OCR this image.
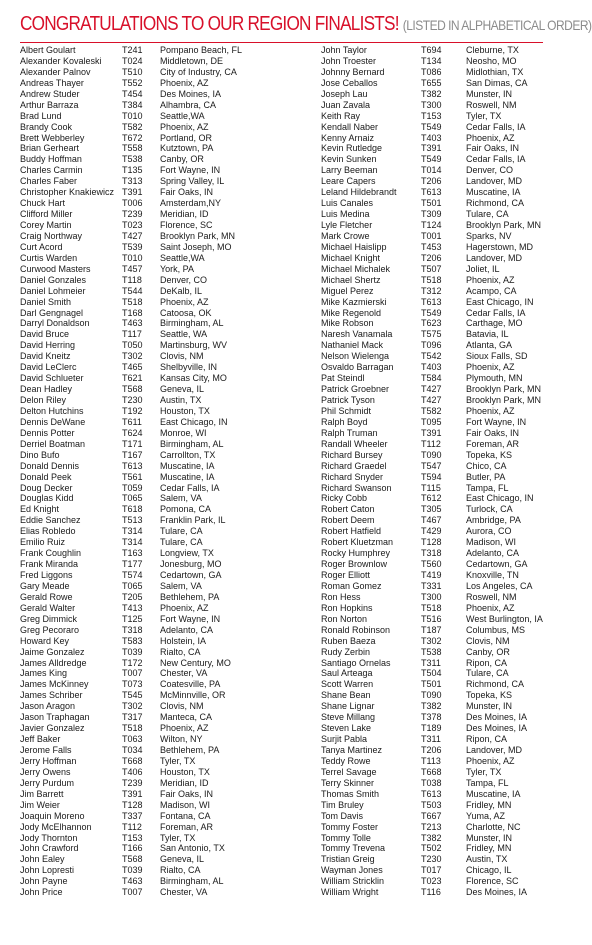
CONGRATULATIONS TO OUR REGION FINALISTS! (LISTED IN ALPHABETICAL ORDER)
Albert Goulart	T241	Pompano Beach, FL
Alexander Kovaleski	T024	Middletown, DE
Alexander Palnov	T510	City of Industry, CA
Andreas Thayer	T552	Phoenix, AZ
Andrew Studer	T454	Des Moines, IA
Arthur Barraza	T384	Alhambra, CA
Brad Lund	T010	Seattle,WA
Brandy Cook	T582	Phoenix, AZ
Brett Webberley	T672	Portland, OR
Brian Gerheart	T558	Kutztown, PA
Buddy Hoffman	T538	Canby, OR
Charles Carmin	T135	Fort Wayne, IN
Charles Faber	T313	Spring Valley, IL
Christopher Knakiewicz T391	Fair Oaks, IN
Chuck Hart	T006	Amsterdam,NY
Clifford Miller	T239	Meridian, ID
Corey Martin	T023	Florence, SC
Craig Northway	T427	Brooklyn Park, MN
Curt Acord	T539	Saint Joseph, MO
Curtis Warden	T010	Seattle,WA
Curwood Masters	T457	York, PA
Daniel Gonzales	T118	Denver, CO
Daniel Lohmeier	T544	DeKalb, IL
Daniel Smith	T518	Phoenix, AZ
Darl Gengnagel	T168	Catoosa, OK
Darryl Donaldson	T463	Birmingham, AL
David Bruce	T117	Seattle, WA
David Herring	T050	Martinsburg, WV
David Kneitz	T302	Clovis, NM
David LeClerc	T465	Shelbyville, IN
David Schlueter	T621	Kansas City, MO
Dean Hadley	T568	Geneva, IL
Delon Riley	T230	Austin, TX
Delton Hutchins	T192	Houston, TX
Dennis DeWane	T611	East Chicago, IN
Dennis Potter	T624	Monroe, WI
Derriel Boatman	T171	Birmingham, AL
Dino Bufo	T167	Carrollton, TX
Donald Dennis	T613	Muscatine, IA
Donald Peek	T561	Muscatine, IA
Doug Decker	T059	Cedar Falls, IA
Douglas Kidd	T065	Salem, VA
Ed Knight	T618	Pomona, CA
Eddie Sanchez	T513	Franklin Park, IL
Elias Robledo	T314	Tulare, CA
Emilio Ruiz	T314	Tulare, CA
Frank Coughlin	T163	Longview, TX
Frank Miranda	T177	Jonesburg, MO
Fred Liggons	T574	Cedartown, GA
Gary Meade	T065	Salem, VA
Gerald Rowe	T205	Bethlehem, PA
Gerald Walter	T413	Phoenix, AZ
Greg Dimmick	T125	Fort Wayne, IN
Greg Pecoraro	T318	Adelanto, CA
Howard Key	T583	Holstein, IA
Jaime Gonzalez	T039	Rialto, CA
James Alldredge	T172	New Century, MO
James King	T007	Chester, VA
James McKinney	T073	Coatesville, PA
James Schriber	T545	McMinnville, OR
Jason Aragon	T302	Clovis, NM
Jason Traphagan	T317	Manteca, CA
Javier Gonzalez	T518	Phoenix, AZ
Jeff Baker	T063	Wilton, NY
Jerome Falls	T034	Bethlehem, PA
Jerry Hoffman	T668	Tyler, TX
Jerry Owens	T406	Houston, TX
Jerry Purdum	T239	Meridian, ID
Jim Barrett	T391	Fair Oaks, IN
Jim Weier	T128	Madison, WI
Joaquin Moreno	T337	Fontana, CA
Jody McElhannon	T112	Foreman, AR
Jody Thornton	T153	Tyler, TX
John Crawford	T166	San Antonio, TX
John Ealey	T568	Geneva, IL
John Lopresti	T039	Rialto, CA
John Payne	T463	Birmingham, AL
John Price	T007	Chester, VA
John Taylor	T694	Cleburne, TX
John Troester	T134	Neosho, MO
Johnny Bernard	T086	Midlothian, TX
Jose Ceballos	T655	San Dimas, CA
Joseph Lau	T382	Munster, IN
Juan Zavala	T300	Roswell, NM
Keith Ray	T153	Tyler, TX
Kendall Naber	T549	Cedar Falls, IA
Kenny Arnaiz	T403	Phoenix, AZ
Kevin Rutledge	T391	Fair Oaks, IN
Kevin Sunken	T549	Cedar Falls, IA
Larry Beeman	T014	Denver, CO
Leare Capers	T206	Landover, MD
Leland Hildebrandt	T613	Muscatine, IA
Luis Canales	T501	Richmond, CA
Luis Medina	T309	Tulare, CA
Lyle Fletcher	T124	Brooklyn Park, MN
Mark Crowe	T001	Sparks, NV
Michael Haislipp	T453	Hagerstown, MD
Michael Knight	T206	Landover, MD
Michael Michalek	T507	Joliet, IL
Michael Shertz	T518	Phoenix, AZ
Miguel Perez	T312	Acampo, CA
Mike Kazmierski	T613	East Chicago, IN
Mike Regenold	T549	Cedar Falls, IA
Mike Robson	T623	Carthage, MO
Naresh Vanamala	T575	Batavia, IL
Nathaniel Mack	T096	Atlanta, GA
Nelson Wielenga	T542	Sioux Falls, SD
Osvaldo Barragan	T403	Phoenix, AZ
Pat Steindl	T584	Plymouth, MN
Patrick Groebner	T427	Brooklyn Park, MN
Patrick Tyson	T427	Brooklyn Park, MN
Phil Schmidt	T582	Phoenix, AZ
Ralph Boyd	T095	Fort Wayne, IN
Ralph Truman	T391	Fair Oaks, IN
Randall Wheeler	T112	Foreman, AR
Richard Bursey	T090	Topeka, KS
Richard Graedel	T547	Chico, CA
Richard Snyder	T594	Butler, PA
Richard Swanson	T115	Tampa, FL
Ricky Cobb	T612	East Chicago, IN
Robert Caton	T305	Turlock, CA
Robert Deem	T467	Ambridge, PA
Robert Hatfield	T429	Aurora, CO
Robert Kluetzman	T128	Madison, WI
Rocky Humphrey	T318	Adelanto, CA
Roger Brownlow	T560	Cedartown, GA
Roger Elliott	T419	Knoxville, TN
Roman Gomez	T331	Los Angeles, CA
Ron Hess	T300	Roswell, NM
Ron Hopkins	T518	Phoenix, AZ
Ron Norton	T516	West Burlington, IA
Ronald Robinson	T187	Columbus, MS
Ruben Baeza	T302	Clovis, NM
Rudy Zerbin	T538	Canby, OR
Santiago Ornelas	T311	Ripon, CA
Saul Arteaga	T504	Tulare, CA
Scott Warren	T501	Richmond, CA
Shane Bean	T090	Topeka, KS
Shane Lignar	T382	Munster, IN
Steve Millang	T378	Des Moines, IA
Steven Lake	T189	Des Moines, IA
Surjit Pabla	T311	Ripon, CA
Tanya Martinez	T206	Landover, MD
Teddy Rowe	T113	Phoenix, AZ
Terrel Savage	T668	Tyler, TX
Terry Skinner	T038	Tampa, FL
Thomas Smith	T613	Muscatine, IA
Tim Bruley	T503	Fridley, MN
Tom Davis	T667	Yuma, AZ
Tommy Foster	T213	Charlotte, NC
Tommy Tolle	T382	Munster, IN
Tommy Trevena	T502	Fridley, MN
Tristian Greig	T230	Austin, TX
Wayman Jones	T017	Chicago, IL
William Stricklin	T023	Florence, SC
William Wright	T116	Des Moines, IA
